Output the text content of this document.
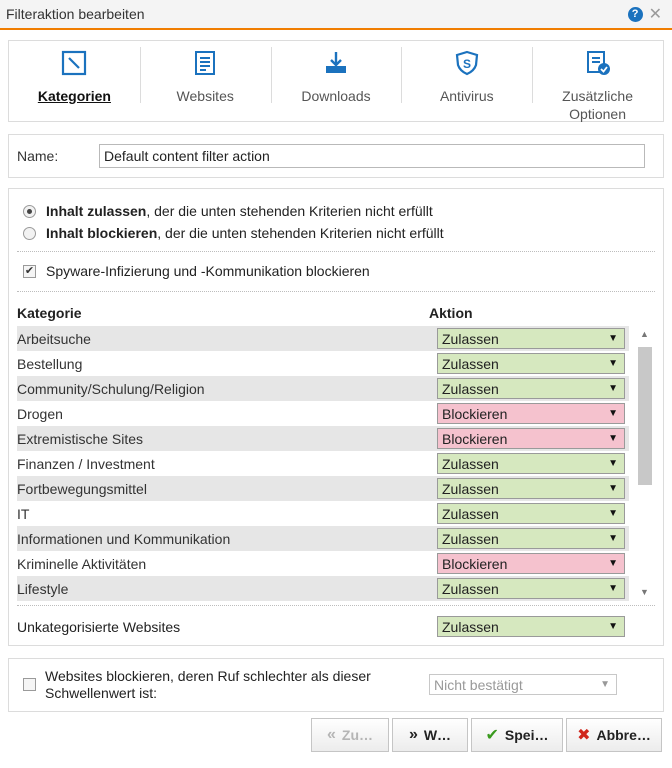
Filteraktion bearbeiten	? ✕
Kategorien	Websites	Downloads
S
Antivirus	Zusätzliche
Optionen
Name:
Default content filter action
Inhalt zulassen, der die unten stehenden Kriterien nicht erfüllt
Inhalt blockieren, der die unten stehenden Kriterien nicht erfüllt
✔ Spyware-Infizierung und -Kommunikation blockieren
Kategorie	Aktion
Arbeitsuche	Zulassen	▼
Bestellung	Zulassen	▼
Community/Schulung/Religion	Zulassen	▼
Drogen	Blockieren	▼
Extremistische Sites	Blockieren	▼
Finanzen / Investment	Zulassen	▼
Fortbewegungsmittel	Zulassen	▼
IT	Zulassen	▼
Informationen und Kommunikation	Zulassen	▼
Kriminelle Aktivitäten	Blockieren	▼
Lifestyle	Zulassen	▼
▲
▼
Unkategorisierte Websites	Zulassen	▼
Websites blockieren, deren Ruf schlechter als dieser
Schwellenwert ist:
Nicht bestätigt	▼
« Zu… » W… ✔ Spei… ✖ Abbre…
